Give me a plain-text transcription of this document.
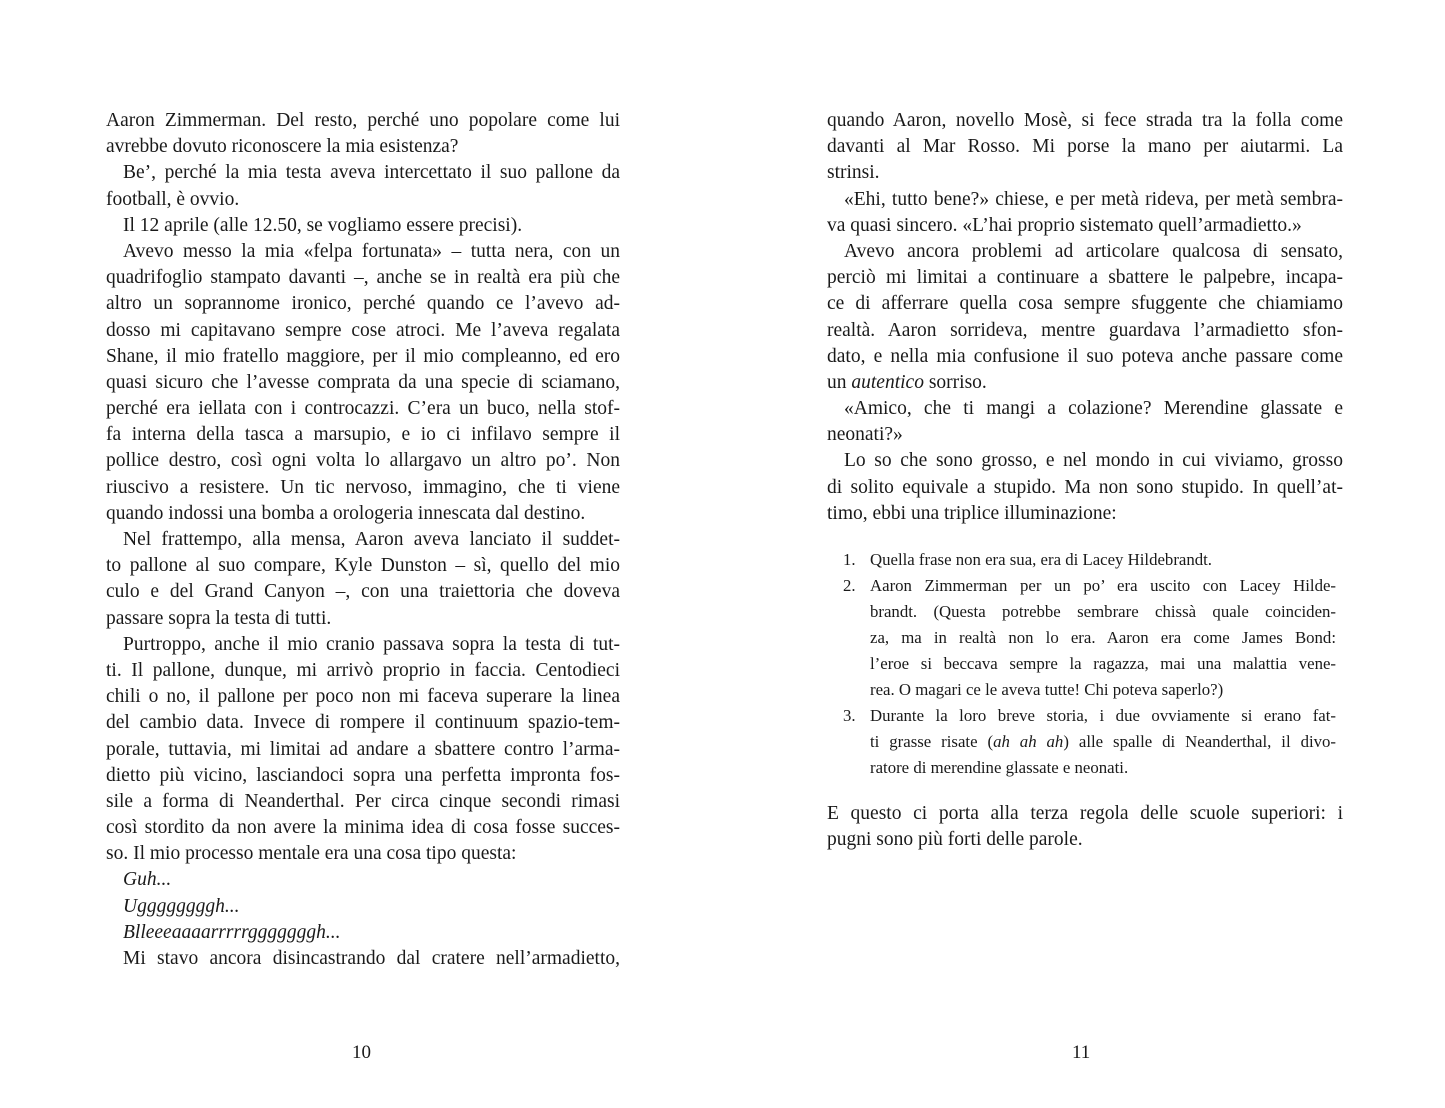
Aaron Zimmerman. Del resto, perché uno popolare come lui
avrebbe dovuto riconoscere la mia esistenza?
Be’, perché la mia testa aveva intercettato il suo pallone da
football, è ovvio.
Il 12 aprile (alle 12.50, se vogliamo essere precisi).
Avevo messo la mia «felpa fortunata» – tutta nera, con un
quadrifoglio stampato davanti –, anche se in realtà era più che
altro un soprannome ironico, perché quando ce l’avevo ad-
dosso mi capitavano sempre cose atroci. Me l’aveva regalata
Shane, il mio fratello maggiore, per il mio compleanno, ed ero
quasi sicuro che l’avesse comprata da una specie di sciamano,
perché era iellata con i controcazzi. C’era un buco, nella stof-
fa interna della tasca a marsupio, e io ci infilavo sempre il
pollice destro, così ogni volta lo allargavo un altro po’. Non
riuscivo a resistere. Un tic nervoso, immagino, che ti viene
quando indossi una bomba a orologeria innescata dal destino.
Nel frattempo, alla mensa, Aaron aveva lanciato il suddet-
to pallone al suo compare, Kyle Dunston – sì, quello del mio
culo e del Grand Canyon –, con una traiettoria che doveva
passare sopra la testa di tutti.
Purtroppo, anche il mio cranio passava sopra la testa di tut-
ti. Il pallone, dunque, mi arrivò proprio in faccia. Centodieci
chili o no, il pallone per poco non mi faceva superare la linea
del cambio data. Invece di rompere il continuum spazio-tem-
porale, tuttavia, mi limitai ad andare a sbattere contro l’arma-
dietto più vicino, lasciandoci sopra una perfetta impronta fos-
sile a forma di Neanderthal. Per circa cinque secondi rimasi
così stordito da non avere la minima idea di cosa fosse succes-
so. Il mio processo mentale era una cosa tipo questa:
Guh...
Uggggggggh...
Blleeeaaaarrrrrgggggggh...
Mi stavo ancora disincastrando dal cratere nell’armadietto,
10
quando Aaron, novello Mosè, si fece strada tra la folla come
davanti al Mar Rosso. Mi porse la mano per aiutarmi. La
strinsi.
«Ehi, tutto bene?» chiese, e per metà rideva, per metà sembra-
va quasi sincero. «L’hai proprio sistemato quell’armadietto.»
Avevo ancora problemi ad articolare qualcosa di sensato,
perciò mi limitai a continuare a sbattere le palpebre, incapa-
ce di afferrare quella cosa sempre sfuggente che chiamiamo
realtà. Aaron sorrideva, mentre guardava l’armadietto sfon-
dato, e nella mia confusione il suo poteva anche passare come
un autentico sorriso.
«Amico, che ti mangi a colazione? Merendine glassate e
neonati?»
Lo so che sono grosso, e nel mondo in cui viviamo, grosso
di solito equivale a stupido. Ma non sono stupido. In quell’at-
timo, ebbi una triplice illuminazione:
1. Quella frase non era sua, era di Lacey Hildebrandt.
2. Aaron Zimmerman per un po’ era uscito con Lacey Hilde-
brandt. (Questa potrebbe sembrare chissà quale coinciden-
za, ma in realtà non lo era. Aaron era come James Bond:
l’eroe si beccava sempre la ragazza, mai una malattia vene-
rea. O magari ce le aveva tutte! Chi poteva saperlo?)
3. Durante la loro breve storia, i due ovviamente si erano fat-
ti grasse risate (ah ah ah) alle spalle di Neanderthal, il divo-
ratore di merendine glassate e neonati.
E questo ci porta alla terza regola delle scuole superiori: i
pugni sono più forti delle parole.
11
